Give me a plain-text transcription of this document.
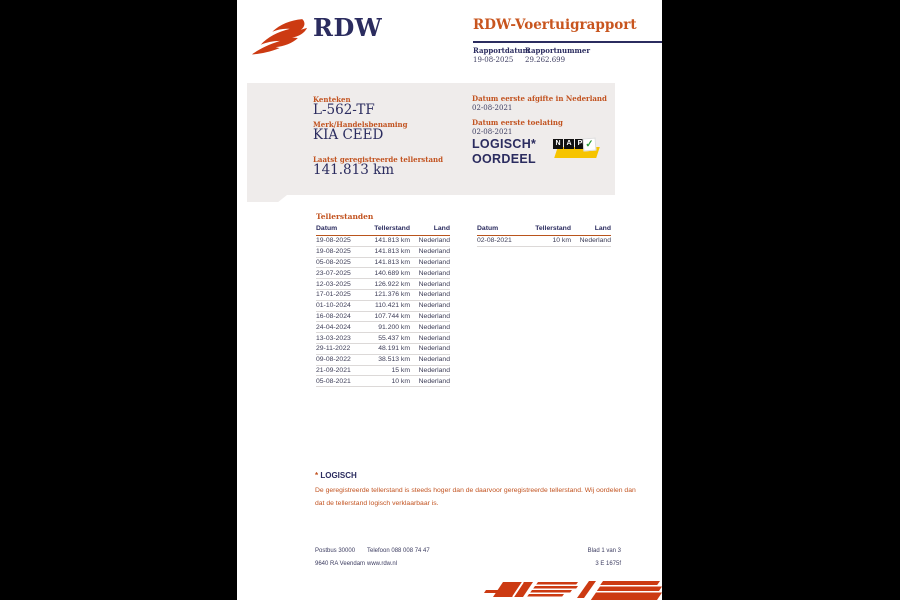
RDW	RDW-Voertuigrapport
Rapportdatum
Rapportnummer
19-08-2025 29.262.699
Kenteken
L-562-TF
Merk/Handelsbenaming
KIA CEED
Laatst geregistreerde tellerstand
141.813 km
Datum eerste afgifte in Nederland
02-08-2021
Datum eerste toelating
02-08-2021
LOGISCH*
OORDEEL
N A P ✓
Tellerstanden
Datum	Tellerstand	Land
19-08-2025	141.813 km	Nederland
19-08-2025	141.813 km	Nederland
05-08-2025	141.813 km	Nederland
23-07-2025	140.689 km	Nederland
12-03-2025	126.922 km	Nederland
17-01-2025	121.376 km	Nederland
01-10-2024	110.421 km	Nederland
16-08-2024	107.744 km	Nederland
24-04-2024	91.200 km	Nederland
13-03-2023	55.437 km	Nederland
29-11-2022	48.191 km	Nederland
09-08-2022	38.513 km	Nederland
21-09-2021	15 km	Nederland
05-08-2021	10 km	Nederland
Datum	Tellerstand	Land
02-08-2021	10 km	Nederland
* LOGISCH
De geregistreerde tellerstand is steeds hoger dan de daarvoor geregistreerde tellerstand. Wij oordelen dan dat de tellerstand logisch verklaarbaar is.
Postbus 30000
9640 RA Veendam
Telefoon 088 008 74 47
www.rdw.nl
Blad 1 van 3
3 E 1675f
